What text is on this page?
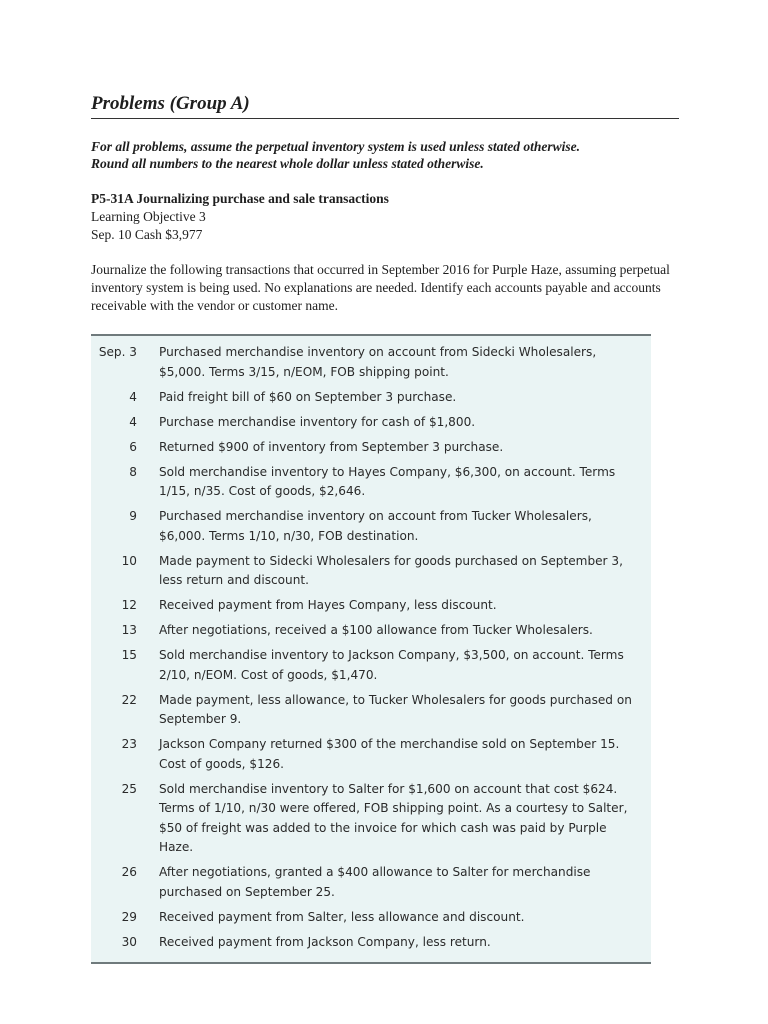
Problems (Group A)
For all problems, assume the perpetual inventory system is used unless stated otherwise.
Round all numbers to the nearest whole dollar unless stated otherwise.
P5-31A Journalizing purchase and sale transactions
Learning Objective 3
Sep. 10 Cash $3,977
Journalize the following transactions that occurred in September 2016 for Purple Haze, assuming perpetual inventory system is being used. No explanations are needed. Identify each accounts payable and accounts receivable with the vendor or customer name.
Sep. 3 Purchased merchandise inventory on account from Sidecki Wholesalers, $5,000. Terms 3/15, n/EOM, FOB shipping point.
4 Paid freight bill of $60 on September 3 purchase.
4 Purchase merchandise inventory for cash of $1,800.
6 Returned $900 of inventory from September 3 purchase.
8 Sold merchandise inventory to Hayes Company, $6,300, on account. Terms 1/15, n/35. Cost of goods, $2,646.
9 Purchased merchandise inventory on account from Tucker Wholesalers, $6,000. Terms 1/10, n/30, FOB destination.
10 Made payment to Sidecki Wholesalers for goods purchased on September 3, less return and discount.
12 Received payment from Hayes Company, less discount.
13 After negotiations, received a $100 allowance from Tucker Wholesalers.
15 Sold merchandise inventory to Jackson Company, $3,500, on account. Terms 2/10, n/EOM. Cost of goods, $1,470.
22 Made payment, less allowance, to Tucker Wholesalers for goods purchased on September 9.
23 Jackson Company returned $300 of the merchandise sold on September 15. Cost of goods, $126.
25 Sold merchandise inventory to Salter for $1,600 on account that cost $624. Terms of 1/10, n/30 were offered, FOB shipping point. As a courtesy to Salter, $50 of freight was added to the invoice for which cash was paid by Purple Haze.
26 After negotiations, granted a $400 allowance to Salter for merchandise purchased on September 25.
29 Received payment from Salter, less allowance and discount.
30 Received payment from Jackson Company, less return.
